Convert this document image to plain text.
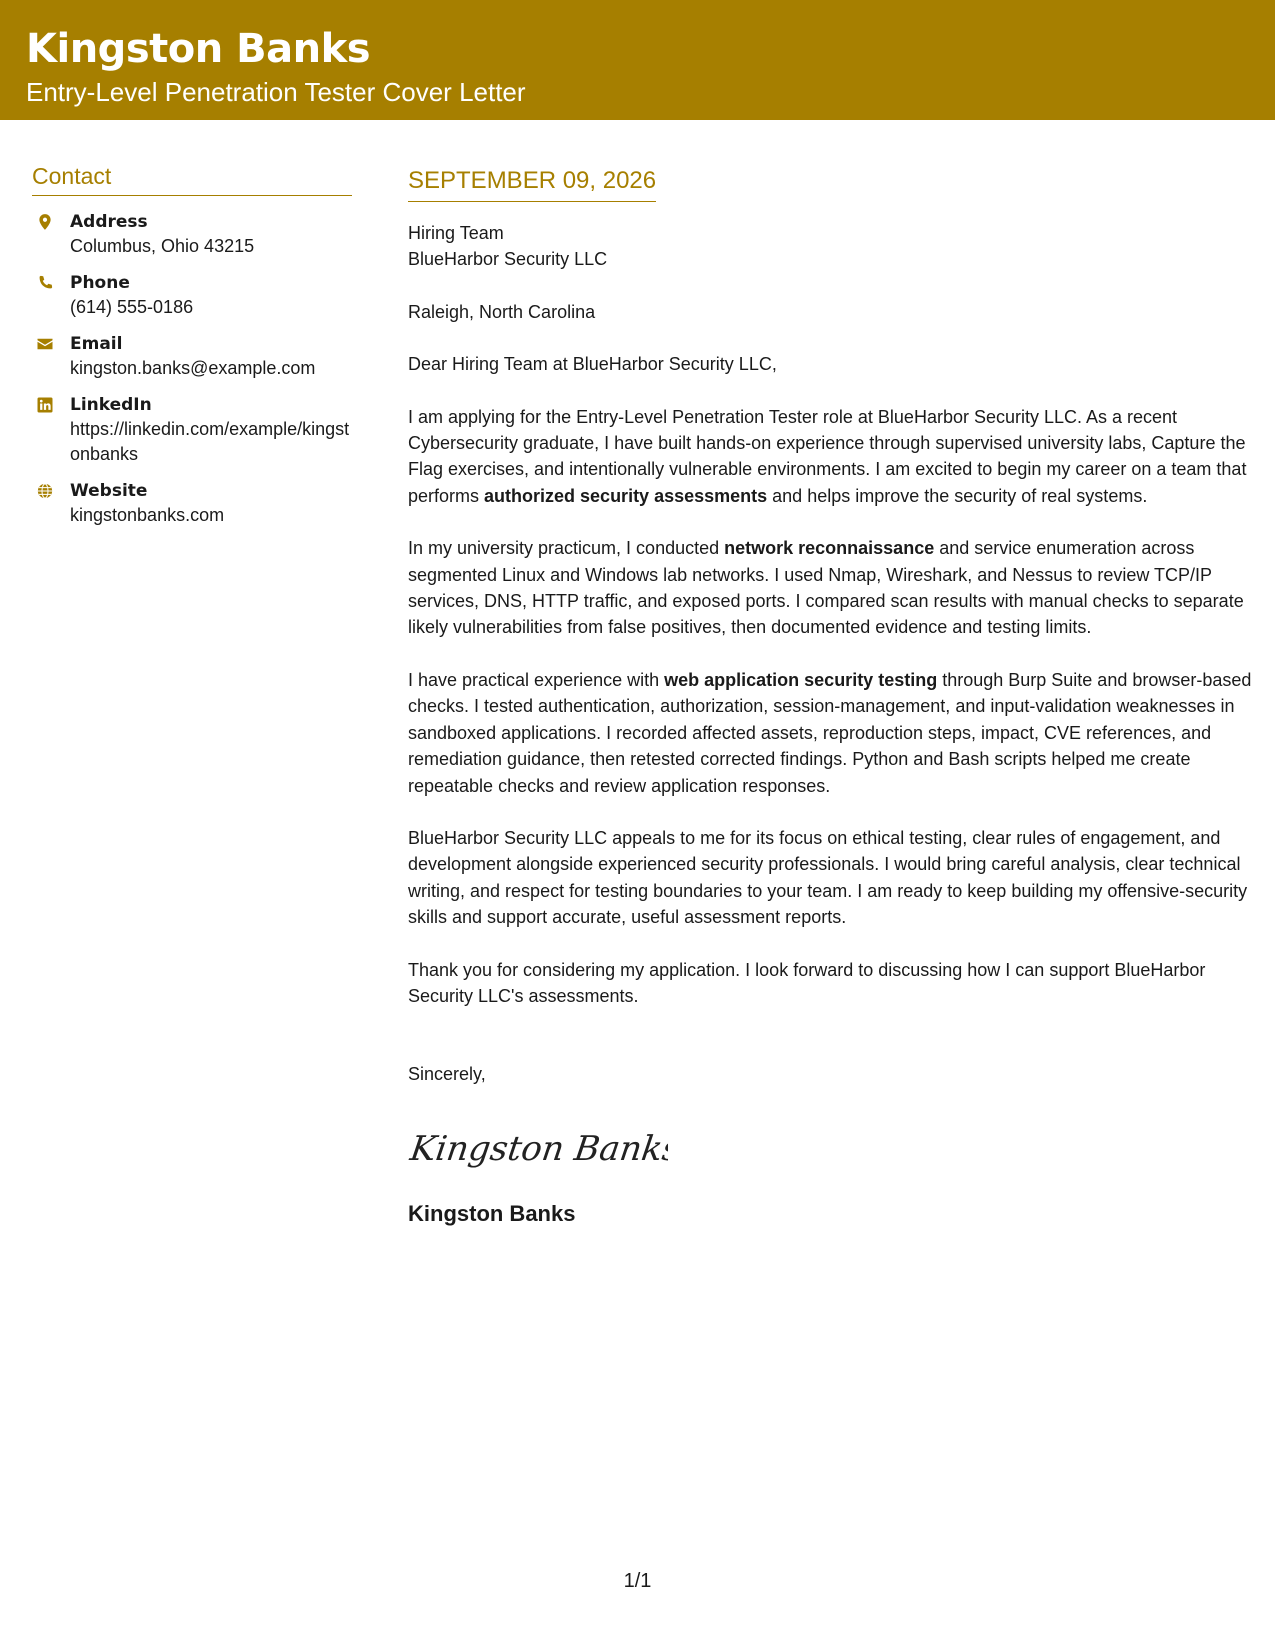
Kingston Banks
Entry-Level Penetration Tester Cover Letter
Contact
Address
Columbus, Ohio 43215
Phone
(614) 555-0186
Email
kingston.banks@example.com
LinkedIn
https://linkedin.com/example/kingstonbanks
Website
kingstonbanks.com
SEPTEMBER 09, 2026
Hiring Team
BlueHarbor Security LLC
Raleigh, North Carolina

Dear Hiring Team at BlueHarbor Security LLC,

I am applying for the Entry-Level Penetration Tester role at BlueHarbor Security LLC. As a recent Cybersecurity graduate, I have built hands-on experience through supervised university labs, Capture the Flag exercises, and intentionally vulnerable environments. I am excited to begin my career on a team that performs authorized security assessments and helps improve the security of real systems.

In my university practicum, I conducted network reconnaissance and service enumeration across segmented Linux and Windows lab networks. I used Nmap, Wireshark, and Nessus to review TCP/IP services, DNS, HTTP traffic, and exposed ports. I compared scan results with manual checks to separate likely vulnerabilities from false positives, then documented evidence and testing limits.

I have practical experience with web application security testing through Burp Suite and browser-based checks. I tested authentication, authorization, session-management, and input-validation weaknesses in sandboxed applications. I recorded affected assets, reproduction steps, impact, CVE references, and remediation guidance, then retested corrected findings. Python and Bash scripts helped me create repeatable checks and review application responses.

BlueHarbor Security LLC appeals to me for its focus on ethical testing, clear rules of engagement, and development alongside experienced security professionals. I would bring careful analysis, clear technical writing, and respect for testing boundaries to your team. I am ready to keep building my offensive-security skills and support accurate, useful assessment reports.

Thank you for considering my application. I look forward to discussing how I can support BlueHarbor Security LLC's assessments.

Sincerely,

Kingston Banks
Kingston Banks
1/1
